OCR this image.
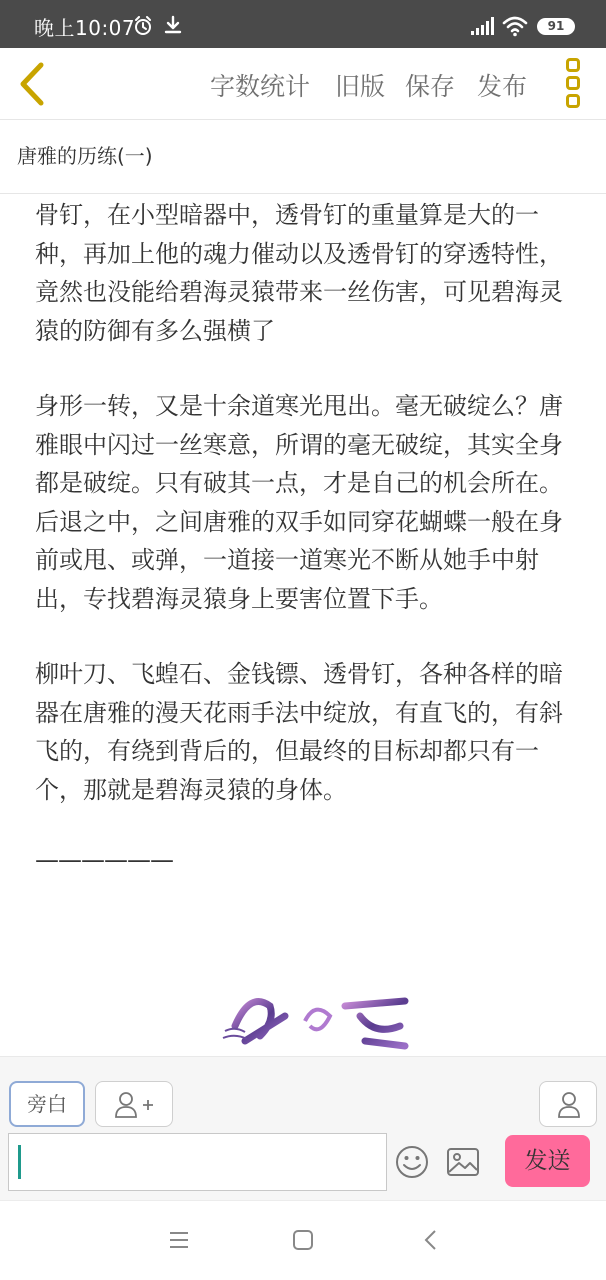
晚上10:07	91
字数统计 旧版 保存 发布
唐雅的历练(一)

骨钉，在小型暗器中，透骨钉的重量算是大的一种，再加上他的魂力催动以及透骨钉的穿透特性，竟然也没能给碧海灵猿带来一丝伤害，可见碧海灵猿的防御有多么强横了

身形一转，又是十余道寒光甩出。毫无破绽么？唐雅眼中闪过一丝寒意，所谓的毫无破绽，其实全身都是破绽。只有破其一点，才是自己的机会所在。后退之中，之间唐雅的双手如同穿花蝴蝶一般在身前或甩、或弹，一道接一道寒光不断从她手中射出，专找碧海灵猿身上要害位置下手。

柳叶刀、飞蝗石、金钱镖、透骨钉，各种各样的暗器在唐雅的漫天花雨手法中绽放，有直飞的，有斜飞的，有绕到背后的，但最终的目标却都只有一个，那就是碧海灵猿的身体。

——————

旁白
发送
